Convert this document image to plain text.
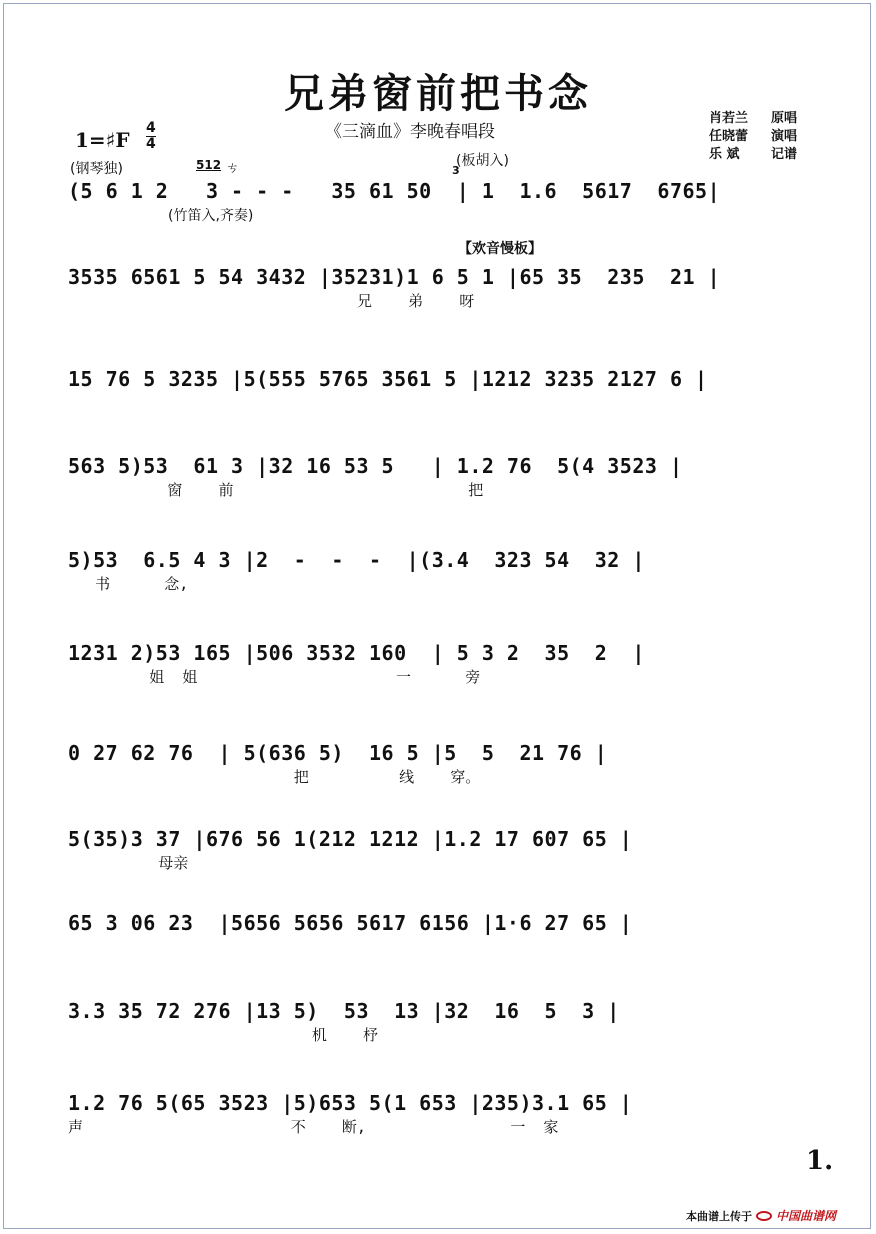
兄弟窗前把书念
《三滴血》李晚春唱段
肖若兰	原唱
任晓蕾	演唱
乐 斌	记谱
1=♯F 4
4
(钢琴独)	512 ㄘ	(板胡入)
3
(竹笛入,齐奏)
【欢音慢板】
(5 6 1 2   3 - - -   35 61 50  | 1  1.6  5617  6765|
3535 6561 5 54 3432 |35231)1 6 5 1 |65 35  235  21 |
兄    弟    呀
15 76 5 3235 |5(555 5765 3561 5 |1212 3235 2127 6 |
563 5)53  61 3 |32 16 53 5   | 1.2 76  5(4 3523 |
窗    前                          把
5)53  6.5 4 3 |2  -  -  -  |(3.4  323 54  32 |
书      念,
1231 2)53 165 |506 3532 160  | 5 3 2  35  2  |
姐  姐                      一      旁
0 27 62 76  | 5(636 5)  16 5 |5  5  21 76 |
把          线    穿。
5(35)3 37 |676 56 1(212 1212 |1.2 17 607 65 |
母亲
65 3 06 23  |5656 5656 5617 6156 |1·6 27 65 |
3.3 35 72 276 |13 5)  53  13 |32  16  5  3 |
机    杼
1.2 76 5(65 3523 |5)653 5(1 653 |235)3.1 65 |
声                       不    断,                一  家
1.
本曲谱上传于 中国曲谱网
